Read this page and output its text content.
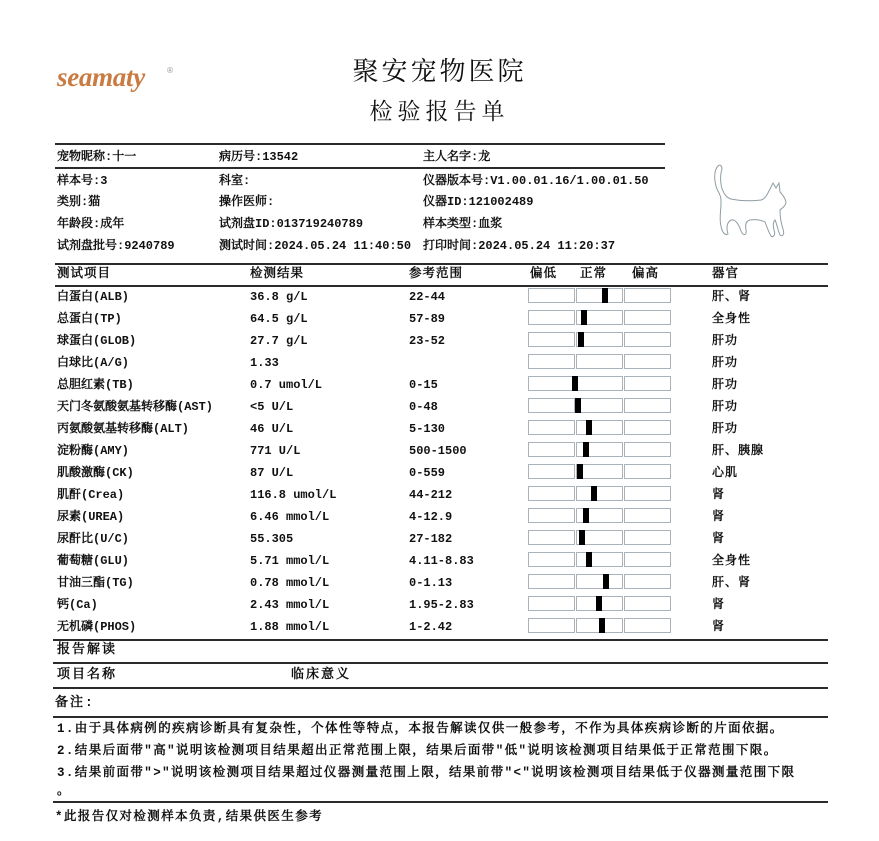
seamaty	®	聚安宠物医院
检验报告单
宠物昵称:十一	病历号:13542	主人名字:龙
样本号:3	科室:	仪器版本号:V1.00.01.16/1.00.01.50
类别:猫	操作医师:	仪器ID:121002489
年龄段:成年	试剂盘ID:013719240789	样本类型:血浆
试剂盘批号:9240789	测试时间:2024.05.24 11:40:50 打印时间:2024.05.24 11:20:37
测试项目	检测结果	参考范围	偏低 正常 偏高	器官
白蛋白(ALB)	36.8 g/L	22-44	肝、肾
总蛋白(TP)	64.5 g/L	57-89	全身性
球蛋白(GLOB)	27.7 g/L	23-52	肝功
白球比(A/G)	1.33	肝功
总胆红素(TB)	0.7 umol/L	0-15	肝功
天门冬氨酸氨基转移酶(AST)	<5 U/L	0-48	肝功
丙氨酸氨基转移酶(ALT)	46 U/L	5-130	肝功
淀粉酶(AMY)	771 U/L	500-1500	肝、胰腺
肌酸激酶(CK)	87 U/L	0-559	心肌
肌酐(Crea)	116.8 umol/L	44-212	肾
尿素(UREA)	6.46 mmol/L	4-12.9	肾
尿酐比(U/C)	55.305	27-182	肾
葡萄糖(GLU)	5.71 mmol/L	4.11-8.83	全身性
甘油三酯(TG)	0.78 mmol/L	0-1.13	肝、肾
钙(Ca)	2.43 mmol/L	1.95-2.83	肾
无机磷(PHOS)	1.88 mmol/L	1-2.42	肾
报告解读
项目名称	临床意义
备注:
1.由于具体病例的疾病诊断具有复杂性，个体性等特点，本报告解读仅供一般参考，不作为具体疾病诊断的片面依据。
2.结果后面带"高"说明该检测项目结果超出正常范围上限，结果后面带"低"说明该检测项目结果低于正常范围下限。
3.结果前面带">"说明该检测项目结果超过仪器测量范围上限，结果前带"<"说明该检测项目结果低于仪器测量范围下限
。
*此报告仅对检测样本负责,结果供医生参考
